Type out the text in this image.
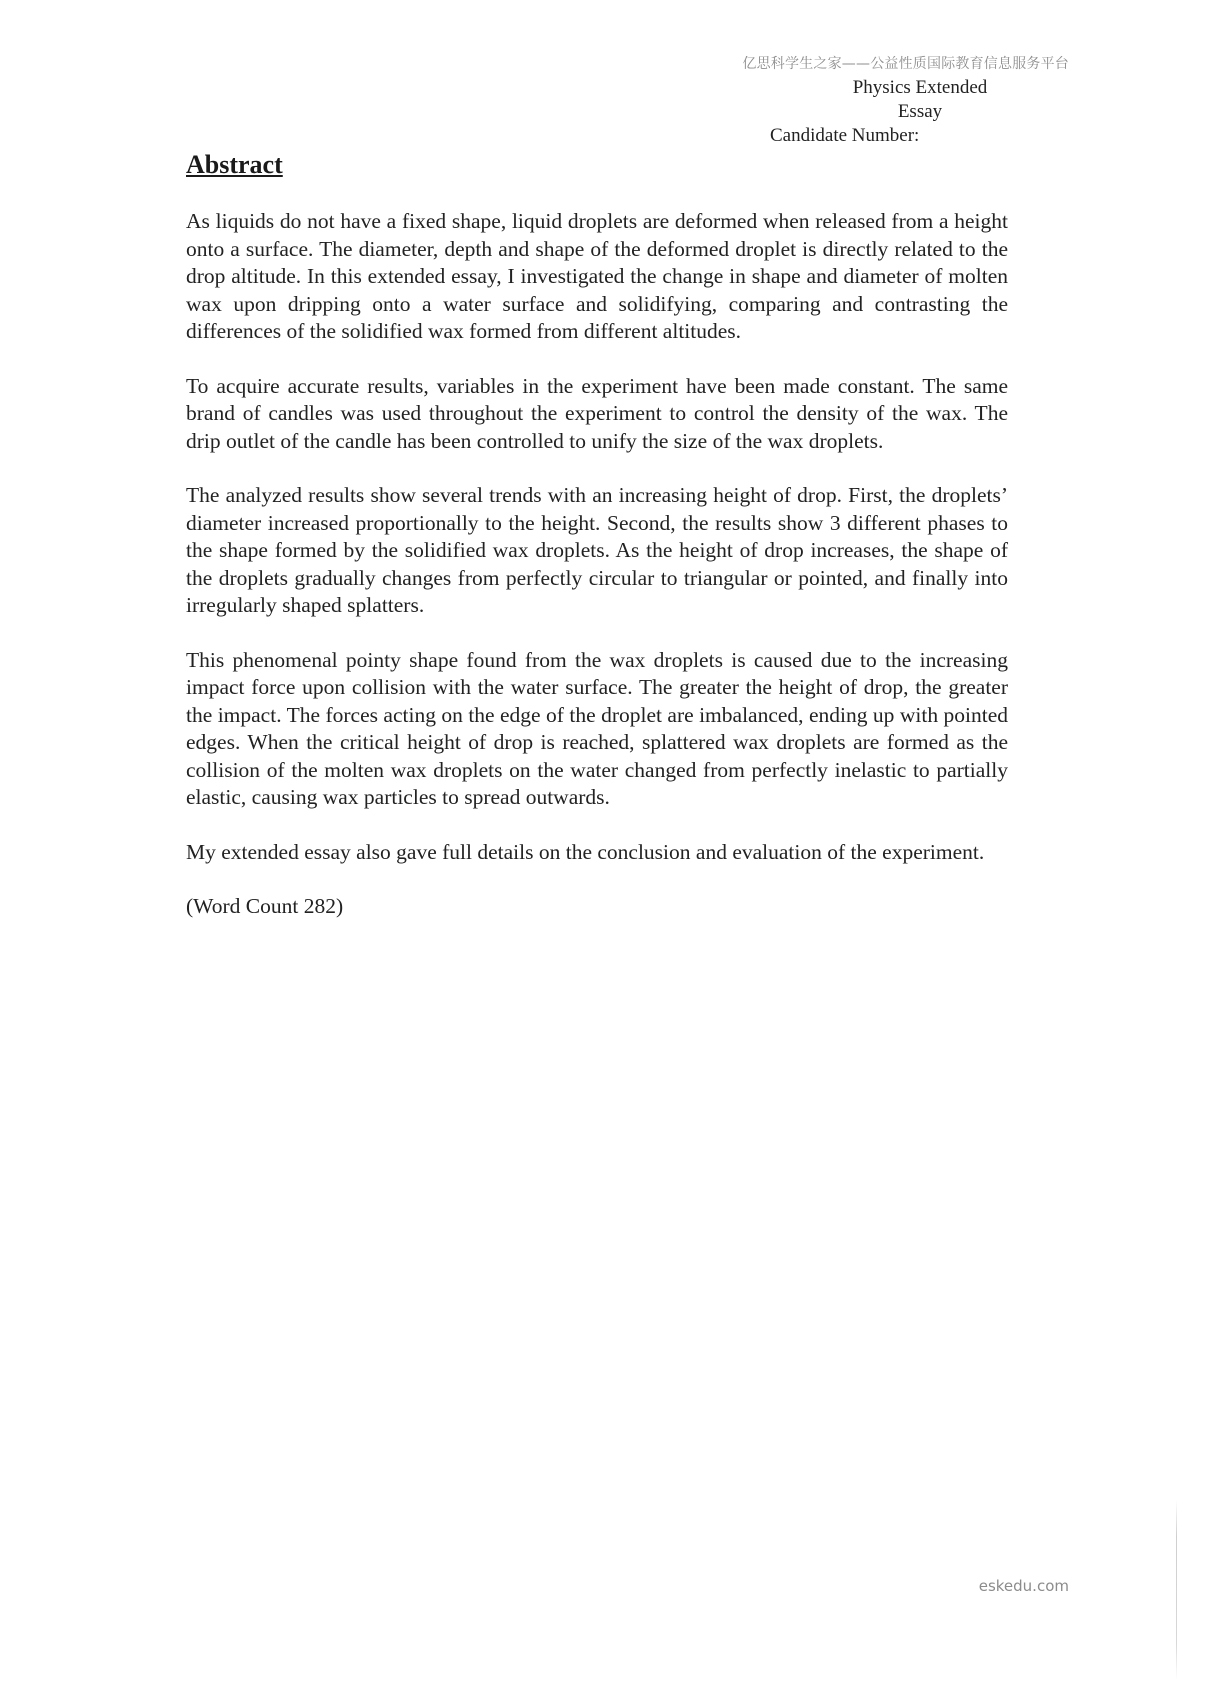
亿思科学生之家——公益性质国际教育信息服务平台
Physics Extended Essay
Candidate Number:
Abstract

As liquids do not have a fixed shape, liquid droplets are deformed when released from a height onto a surface. The diameter, depth and shape of the deformed droplet is directly related to the drop altitude. In this extended essay, I investigated the change in shape and diameter of molten wax upon dripping onto a water surface and solidifying, comparing and contrasting the differences of the solidified wax formed from different altitudes.

To acquire accurate results, variables in the experiment have been made constant. The same brand of candles was used throughout the experiment to control the density of the wax. The drip outlet of the candle has been controlled to unify the size of the wax droplets.

The analyzed results show several trends with an increasing height of drop. First, the droplets’ diameter increased proportionally to the height. Second, the results show 3 different phases to the shape formed by the solidified wax droplets. As the height of drop increases, the shape of the droplets gradually changes from perfectly circular to triangular or pointed, and finally into irregularly shaped splatters.

This phenomenal pointy shape found from the wax droplets is caused due to the increasing impact force upon collision with the water surface. The greater the height of drop, the greater the impact. The forces acting on the edge of the droplet are imbalanced, ending up with pointed edges. When the critical height of drop is reached, splattered wax droplets are formed as the collision of the molten wax droplets on the water changed from perfectly inelastic to partially elastic, causing wax particles to spread outwards.

My extended essay also gave full details on the conclusion and evaluation of the experiment.

(Word Count 282)

eskedu.com
